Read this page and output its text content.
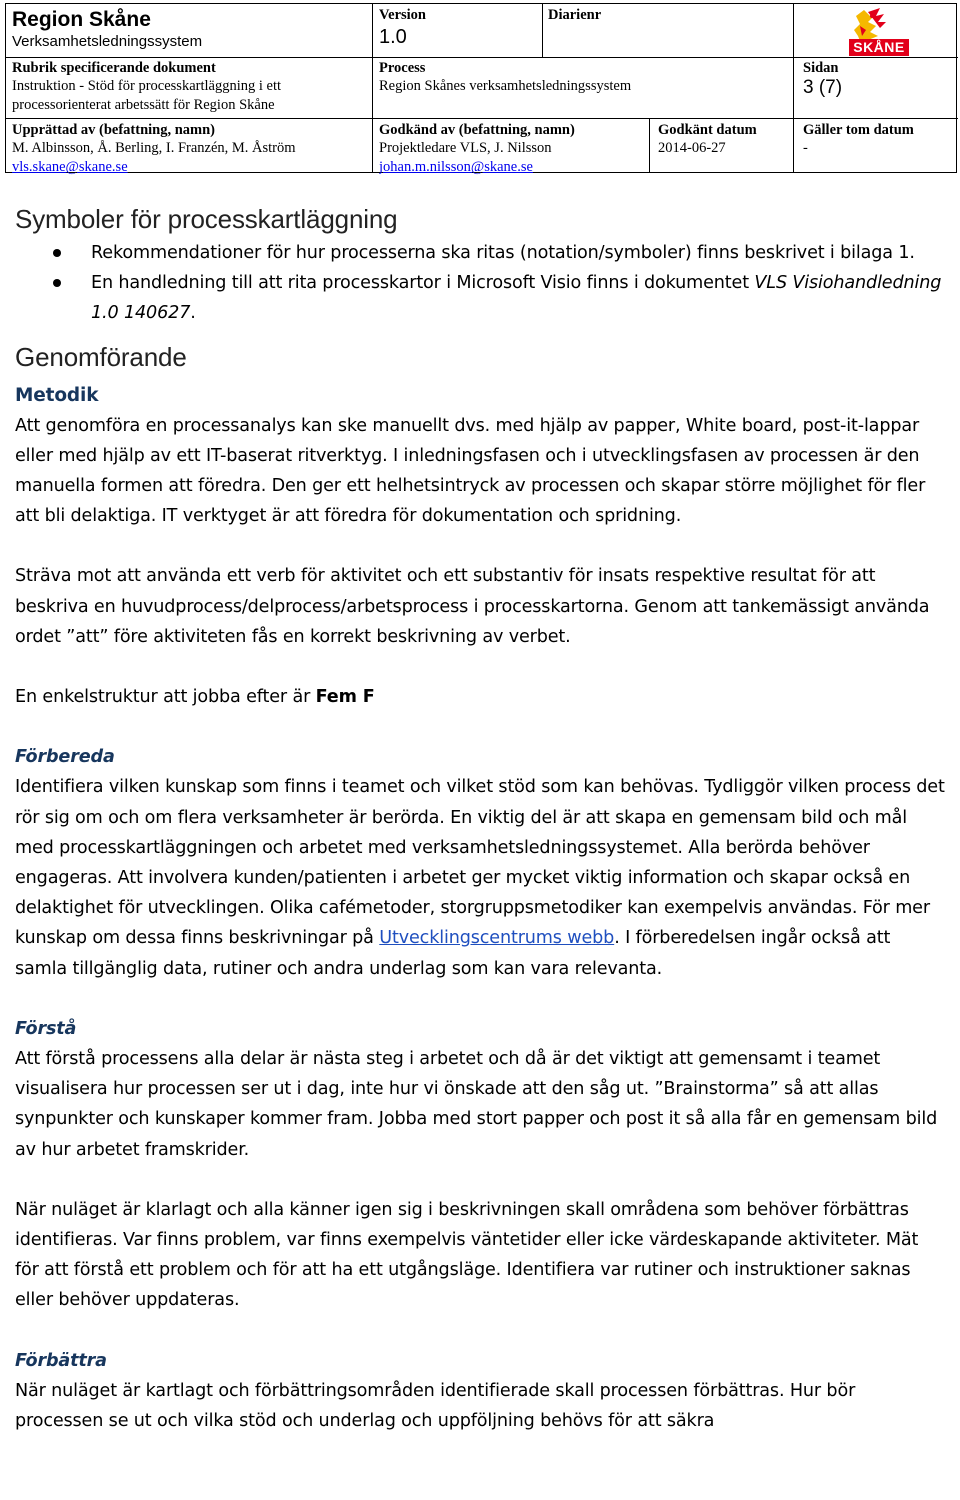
Region Skåne
Verksamhetsledningssystem
Version
1.0
Diarienr
SKÅNE
Rubrik specificerande dokument
Instruktion - Stöd för processkartläggning i ett
processorienterat arbetssätt för Region Skåne
Process
Region Skånes verksamhetsledningssystem
Sidan
3 (7)
Upprättad av (befattning, namn)
M. Albinsson, Å. Berling, I. Franzén, M. Åström
vls.skane@skane.se
Godkänd av (befattning, namn)
Projektledare VLS, J. Nilsson
johan.m.nilsson@skane.se
Godkänt datum
2014-06-27
Gäller tom datum
-
Symboler för processkartläggning
Rekommendationer för hur processerna ska ritas (notation/symboler) finns beskrivet i bilaga 1.
En handledning till att rita processkartor i Microsoft Visio finns i dokumentet VLS Visiohandledning 1.0 140627.
Genomförande
Metodik

Att genomföra en processanalys kan ske manuellt dvs. med hjälp av papper, White board, post-it-lappar eller med hjälp av ett IT-baserat ritverktyg. I inledningsfasen och i utvecklingsfasen av processen är den manuella formen att föredra. Den ger ett helhetsintryck av processen och skapar större möjlighet för fler att bli delaktiga. IT verktyget är att föredra för dokumentation och spridning.

Sträva mot att använda ett verb för aktivitet och ett substantiv för insats respektive resultat för att beskriva en huvudprocess/delprocess/arbetsprocess i processkartorna. Genom att tankemässigt använda ordet ”att” före aktiviteten fås en korrekt beskrivning av verbet.

En enkelstruktur att jobba efter är Fem F

Förbereda

Identifiera vilken kunskap som finns i teamet och vilket stöd som kan behövas. Tydliggör vilken process det rör sig om och om flera verksamheter är berörda. En viktig del är att skapa en gemensam bild och mål med processkartläggningen och arbetet med verksamhetsledningssystemet. Alla berörda behöver engageras. Att involvera kunden/patienten i arbetet ger mycket viktig information och skapar också en delaktighet för utvecklingen. Olika cafémetoder, storgruppsmetodiker kan exempelvis användas. För mer kunskap om dessa finns beskrivningar på Utvecklingscentrums webb. I förberedelsen ingår också att samla tillgänglig data, rutiner och andra underlag som kan vara relevanta.

Förstå

Att förstå processens alla delar är nästa steg i arbetet och då är det viktigt att gemensamt i teamet visualisera hur processen ser ut i dag, inte hur vi önskade att den såg ut. ”Brainstorma” så att allas synpunkter och kunskaper kommer fram. Jobba med stort papper och post it så alla får en gemensam bild av hur arbetet framskrider.

När nuläget är klarlagt och alla känner igen sig i beskrivningen skall områdena som behöver förbättras identifieras. Var finns problem, var finns exempelvis väntetider eller icke värdeskapande aktiviteter. Mät för att förstå ett problem och för att ha ett utgångsläge. Identifiera var rutiner och instruktioner saknas eller behöver uppdateras.

Förbättra

När nuläget är kartlagt och förbättringsområden identifierade skall processen förbättras. Hur bör processen se ut och vilka stöd och underlag och uppföljning behövs för att säkra
